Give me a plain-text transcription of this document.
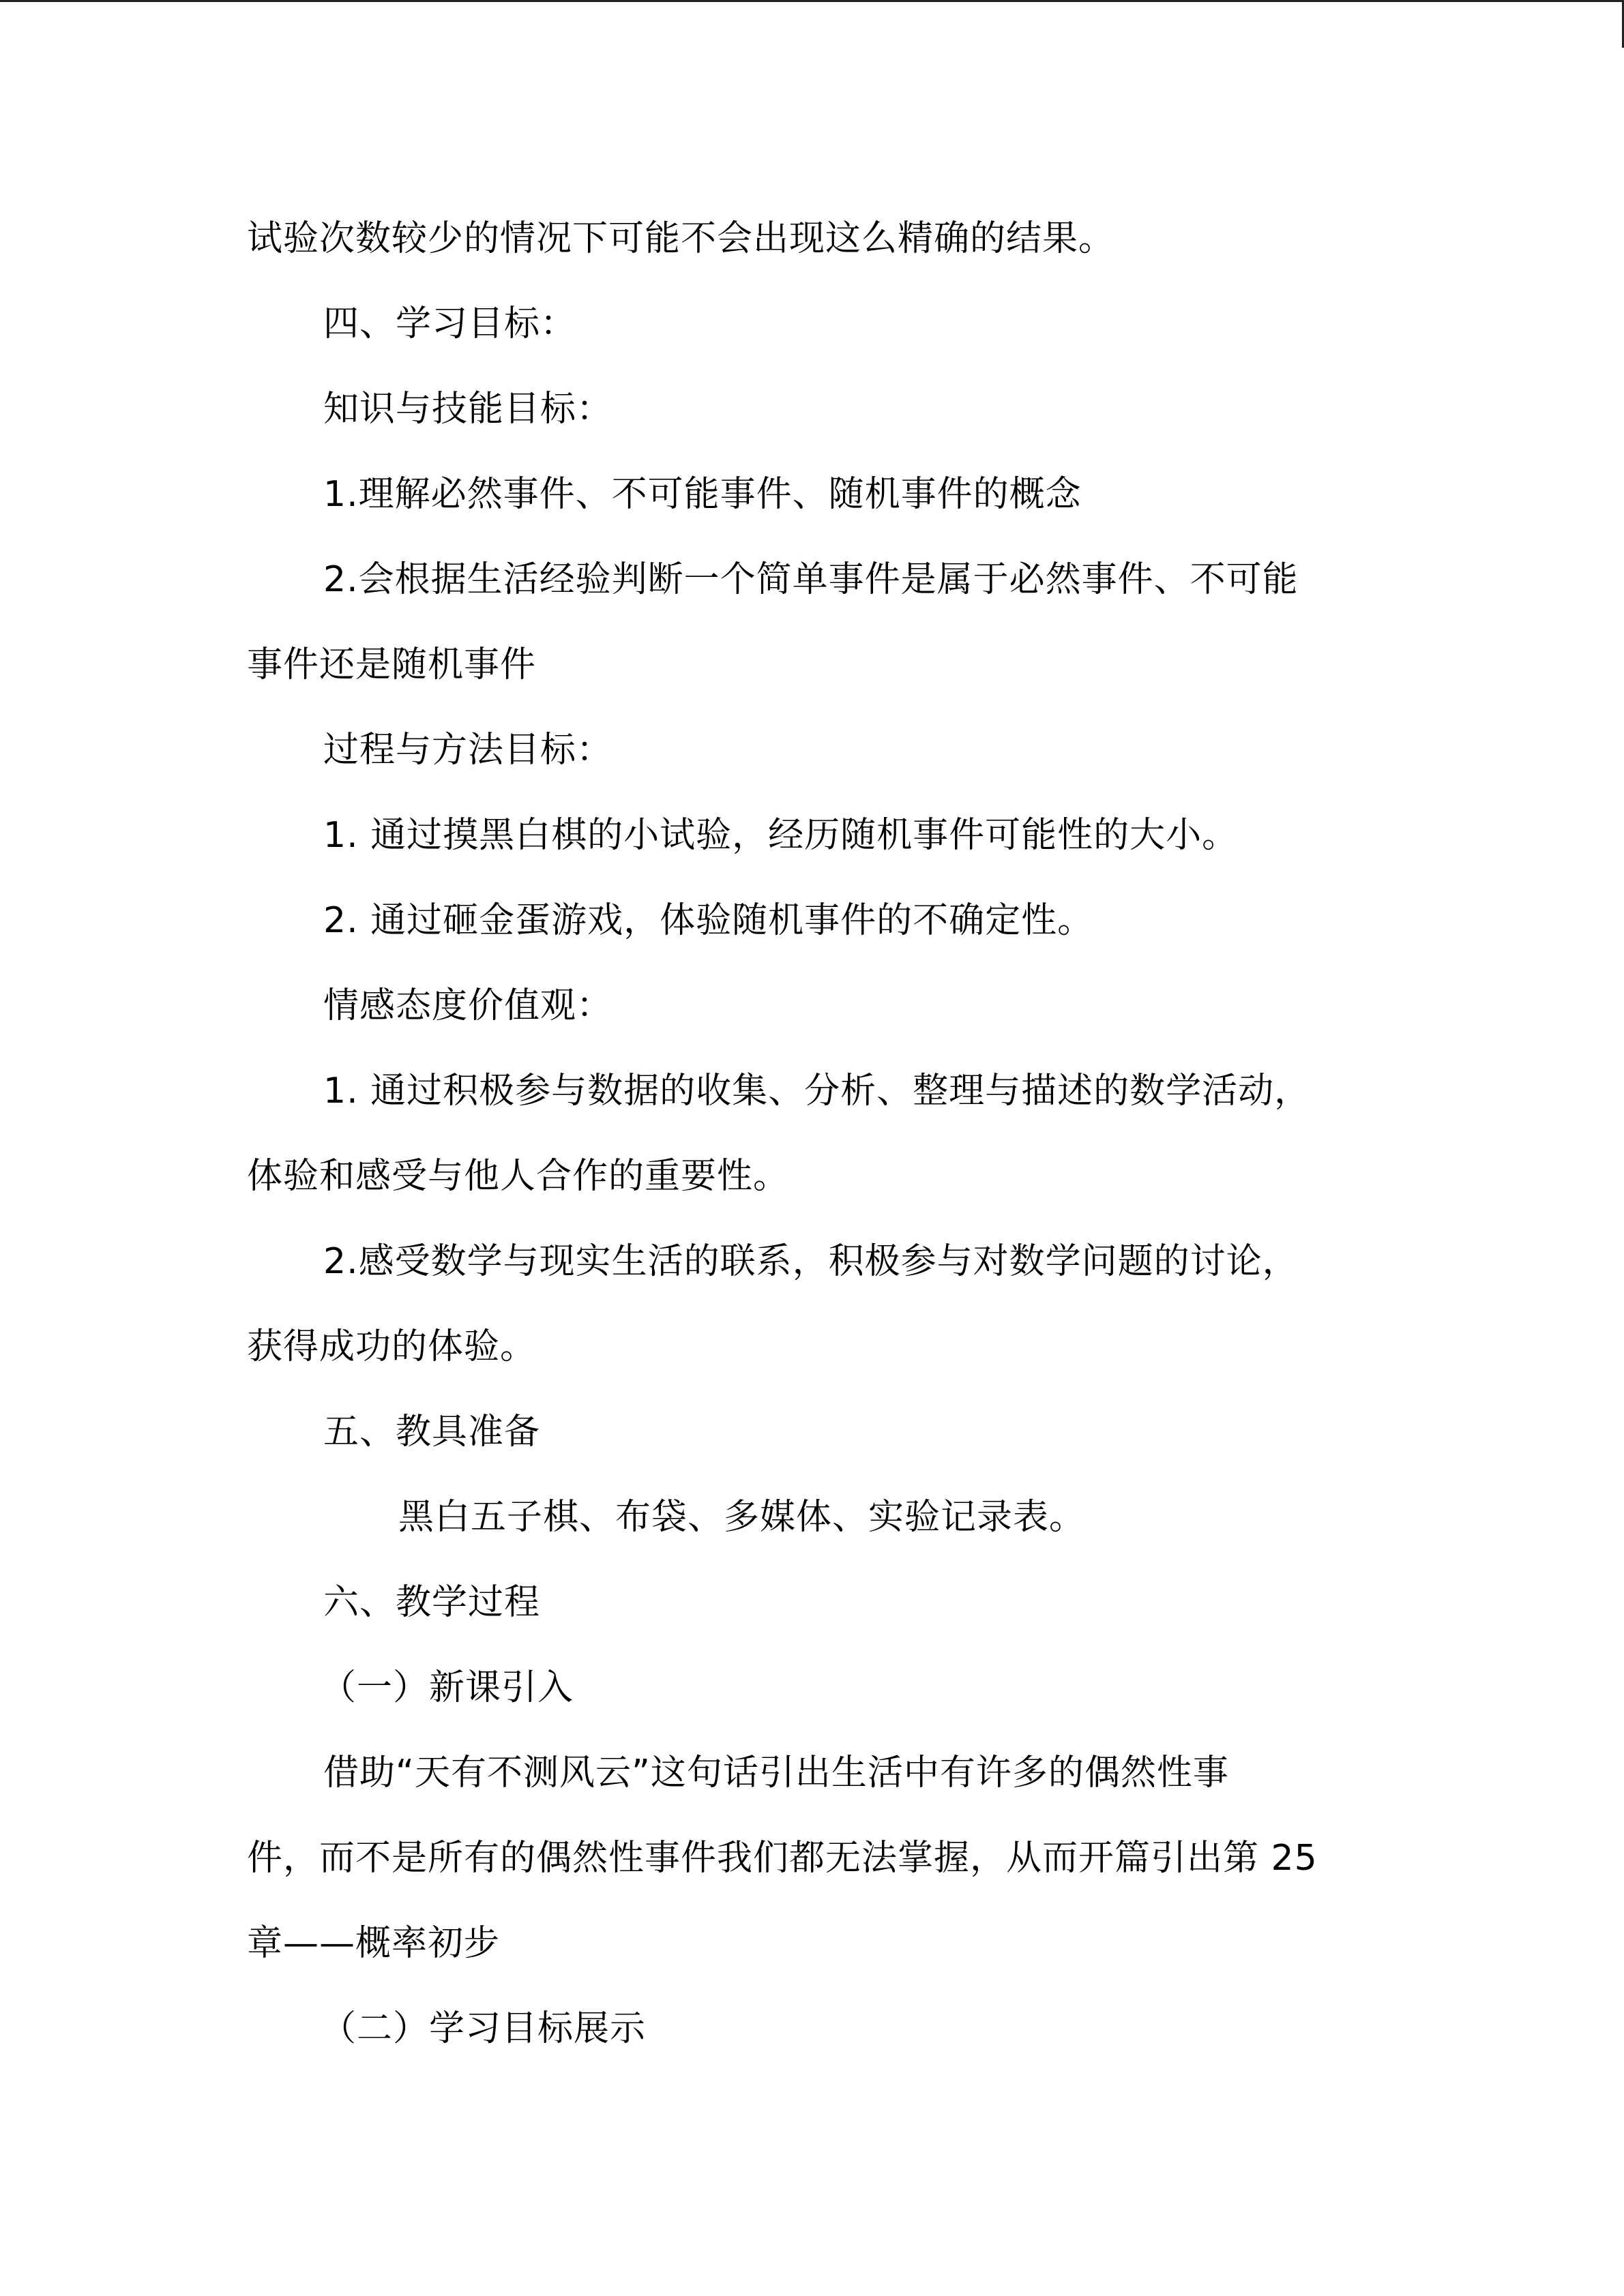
试验次数较少的情况下可能不会出现这么精确的结果。
四、学习目标：
知识与技能目标：
1.理解必然事件、不可能事件、随机事件的概念
2.会根据生活经验判断一个简单事件是属于必然事件、不可能
事件还是随机事件
过程与方法目标：
1. 通过摸黑白棋的小试验，经历随机事件可能性的大小。
2. 通过砸金蛋游戏，体验随机事件的不确定性。
情感态度价值观：
1. 通过积极参与数据的收集、分析、整理与描述的数学活动，
体验和感受与他人合作的重要性。
2.感受数学与现实生活的联系，积极参与对数学问题的讨论，
获得成功的体验。
五、教具准备
黑白五子棋、布袋、多媒体、实验记录表。
六、教学过程
（一）新课引入
借助“天有不测风云”这句话引出生活中有许多的偶然性事
件，而不是所有的偶然性事件我们都无法掌握，从而开篇引出第 25
章——概率初步
（二）学习目标展示
